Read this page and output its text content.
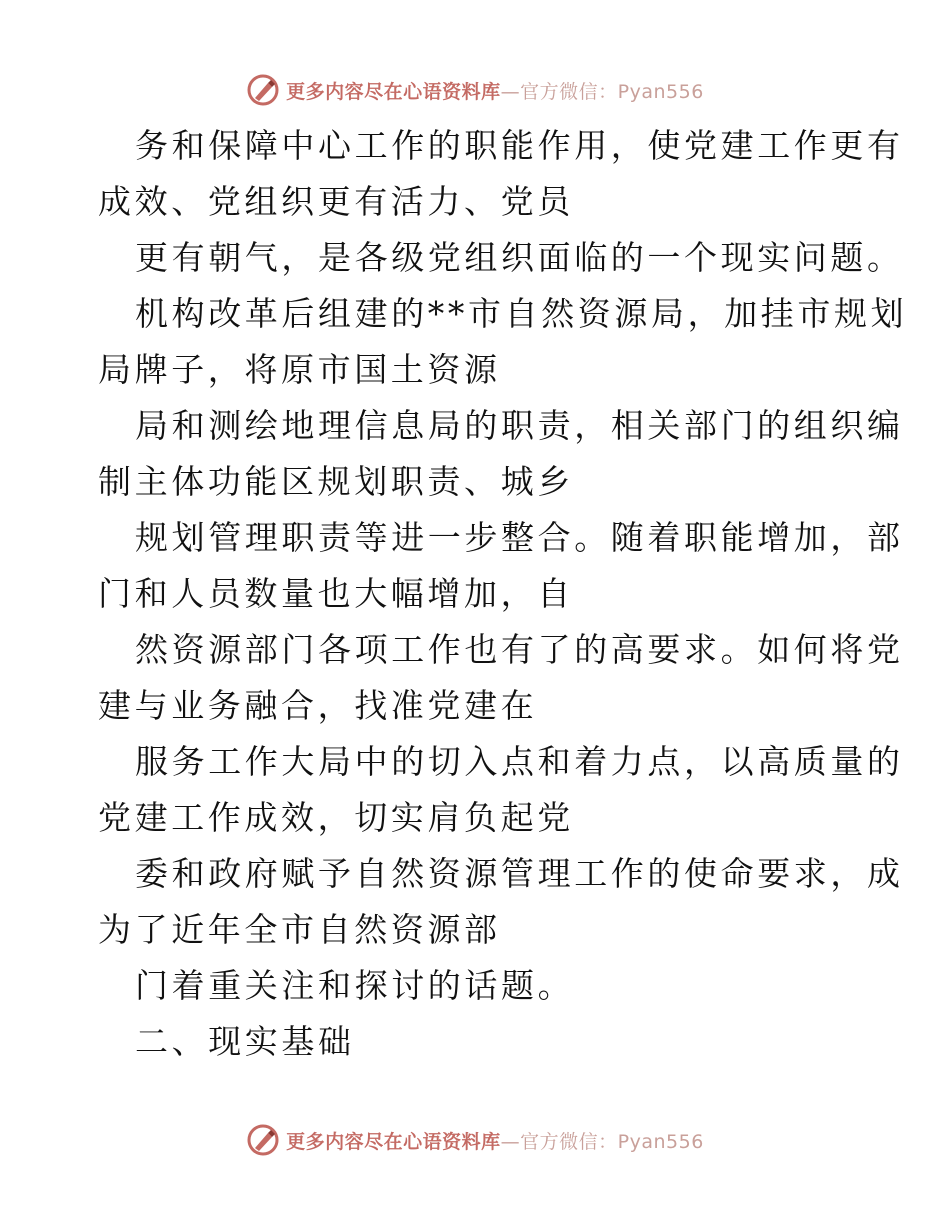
更多内容尽在心语资料库—官方微信：Pyan556
务和保障中心工作的职能作用，使党建工作更有
成效、党组织更有活力、党员
更有朝气，是各级党组织面临的一个现实问题。
机构改革后组建的**市自然资源局，加挂市规划
局牌子，将原市国土资源
局和测绘地理信息局的职责，相关部门的组织编
制主体功能区规划职责、城乡
规划管理职责等进一步整合。随着职能增加，部
门和人员数量也大幅增加，自
然资源部门各项工作也有了的高要求。如何将党
建与业务融合，找准党建在
服务工作大局中的切入点和着力点，以高质量的
党建工作成效，切实肩负起党
委和政府赋予自然资源管理工作的使命要求，成
为了近年全市自然资源部
门着重关注和探讨的话题。
二、现实基础
更多内容尽在心语资料库—官方微信：Pyan556
